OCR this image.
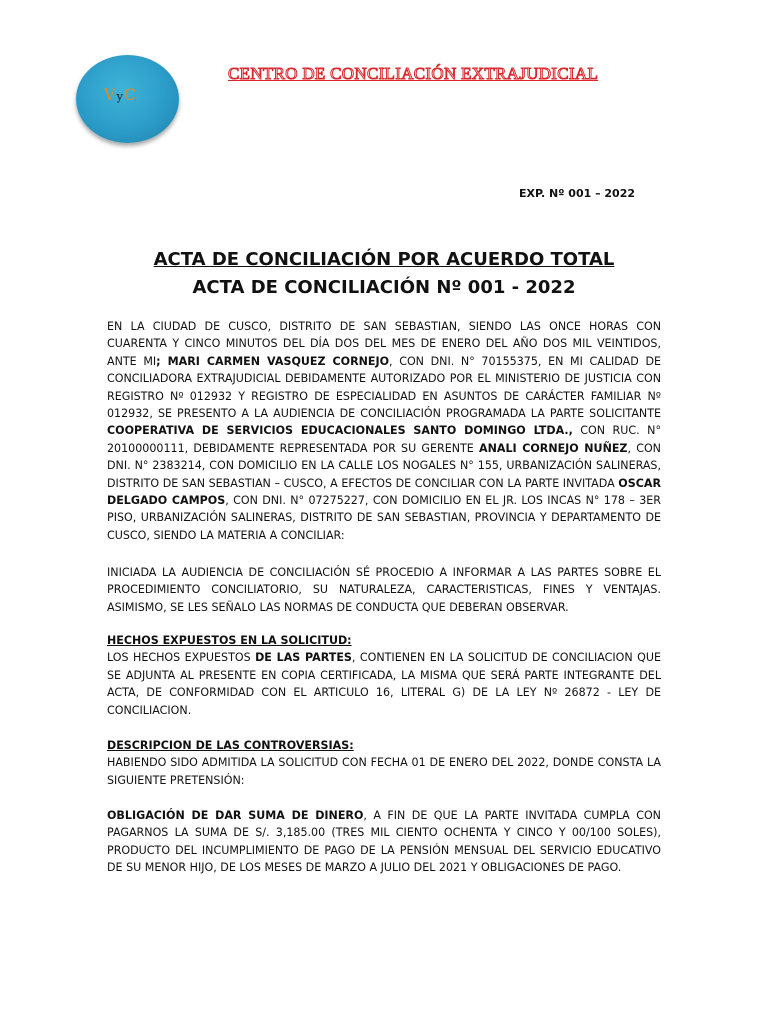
VyC
CENTRO DE CONCILIACIÓN EXTRAJUDICIAL
EXP. Nº 001 – 2022
ACTA DE CONCILIACIÓN POR ACUERDO TOTAL
ACTA DE CONCILIACIÓN Nº 001 - 2022
EN LA CIUDAD DE CUSCO, DISTRITO DE SAN SEBASTIAN, SIENDO LAS ONCE HORAS CON CUARENTA Y CINCO MINUTOS DEL DÍA DOS DEL MES DE ENERO DEL AÑO DOS MIL VEINTIDOS, ANTE MI; MARI CARMEN VASQUEZ CORNEJO, CON DNI. N° 70155375, EN MI CALIDAD DE CONCILIADORA EXTRAJUDICIAL DEBIDAMENTE AUTORIZADO POR EL MINISTERIO DE JUSTICIA CON REGISTRO Nº 012932 Y REGISTRO DE ESPECIALIDAD EN ASUNTOS DE CARÁCTER FAMILIAR Nº 012932, SE PRESENTO A LA AUDIENCIA DE CONCILIACIÓN PROGRAMADA LA PARTE SOLICITANTE COOPERATIVA DE SERVICIOS EDUCACIONALES SANTO DOMINGO LTDA., CON RUC. N° 20100000111, DEBIDAMENTE REPRESENTADA POR SU GERENTE ANALI CORNEJO NUÑEZ, CON DNI. N° 2383214, CON DOMICILIO EN LA CALLE LOS NOGALES N° 155, URBANIZACIÓN SALINERAS, DISTRITO DE SAN SEBASTIAN – CUSCO, A EFECTOS DE CONCILIAR CON LA PARTE INVITADA OSCAR DELGADO CAMPOS, CON DNI. N° 07275227, CON DOMICILIO EN EL JR. LOS INCAS N° 178 – 3ER PISO, URBANIZACIÓN SALINERAS, DISTRITO DE SAN SEBASTIAN, PROVINCIA Y DEPARTAMENTO DE CUSCO, SIENDO LA MATERIA A CONCILIAR:
INICIADA LA AUDIENCIA DE CONCILIACIÓN SÉ PROCEDIO A INFORMAR A LAS PARTES SOBRE EL PROCEDIMIENTO CONCILIATORIO, SU NATURALEZA, CARACTERISTICAS, FINES Y VENTAJAS. ASIMISMO, SE LES SEÑALO LAS NORMAS DE CONDUCTA QUE DEBERAN OBSERVAR.
HECHOS EXPUESTOS EN LA SOLICITUD:
LOS HECHOS EXPUESTOS DE LAS PARTES, CONTIENEN EN LA SOLICITUD DE CONCILIACION QUE SE ADJUNTA AL PRESENTE EN COPIA CERTIFICADA, LA MISMA QUE SERÁ PARTE INTEGRANTE DEL ACTA, DE CONFORMIDAD CON EL ARTICULO 16, LITERAL G) DE LA LEY Nº 26872 - LEY DE CONCILIACION.
DESCRIPCION DE LAS CONTROVERSIAS:
HABIENDO SIDO ADMITIDA LA SOLICITUD CON FECHA 01 DE ENERO DEL 2022, DONDE CONSTA LA SIGUIENTE PRETENSIÓN:
OBLIGACIÓN DE DAR SUMA DE DINERO, A FIN DE QUE LA PARTE INVITADA CUMPLA CON PAGARNOS LA SUMA DE S/. 3,185.00 (TRES MIL CIENTO OCHENTA Y CINCO Y 00/100 SOLES), PRODUCTO DEL INCUMPLIMIENTO DE PAGO DE LA PENSIÓN MENSUAL DEL SERVICIO EDUCATIVO DE SU MENOR HIJO, DE LOS MESES DE MARZO A JULIO DEL 2021 Y OBLIGACIONES DE PAGO.
